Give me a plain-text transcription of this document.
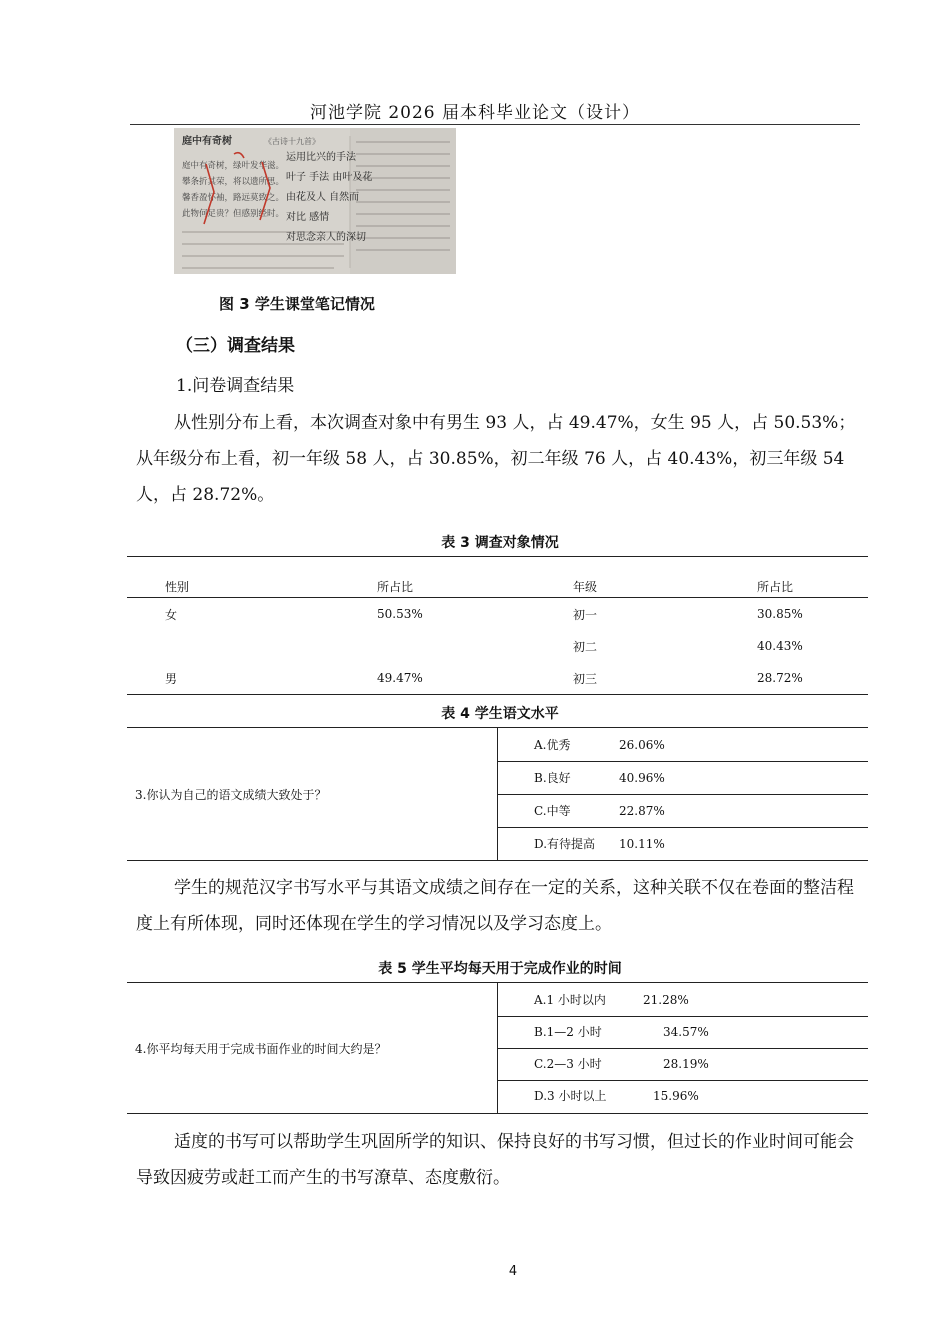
河池学院 2026 届本科毕业论文（设计）
庭中有奇树	《古诗十九首》
庭中有奇树，绿叶发华滋。
攀条折其荣，将以遗所思。
馨香盈怀袖，路远莫致之。
此物何足贵？但感别经时。
运用比兴的手法
叶子 手法 由叶及花
由花及人 自然而
对比 感情
对思念亲人的深切
图 3 学生课堂笔记情况
（三）调查结果
1.问卷调查结果
从性别分布上看，本次调查对象中有男生 93 人，占 49.47%，女生 95 人，占 50.53%；从年级分布上看，初一年级 58 人，占 30.85%，初二年级 76 人，占 40.43%，初三年级 54 人，占 28.72%。
表 3 调查对象情况
性别	所占比	年级	所占比
女	50.53%	初一	30.85%
		初二	40.43%
男	49.47%	初三	28.72%
表 4 学生语文水平
3.你认为自己的语文成绩大致处于？
A.优秀	26.06%
B.良好	40.96%
C.中等	22.87%
D.有待提高 10.11%
学生的规范汉字书写水平与其语文成绩之间存在一定的关系，这种关联不仅在卷面的整洁程度上有所体现，同时还体现在学生的学习情况以及学习态度上。
表 5 学生平均每天用于完成作业的时间
4.你平均每天用于完成书面作业的时间大约是？
A.1 小时以内	21.28%
B.1—2 小时	34.57%
C.2—3 小时	28.19%
D.3 小时以上	15.96%
适度的书写可以帮助学生巩固所学的知识、保持良好的书写习惯，但过长的作业时间可能会导致因疲劳或赶工而产生的书写潦草、态度敷衍。
4
